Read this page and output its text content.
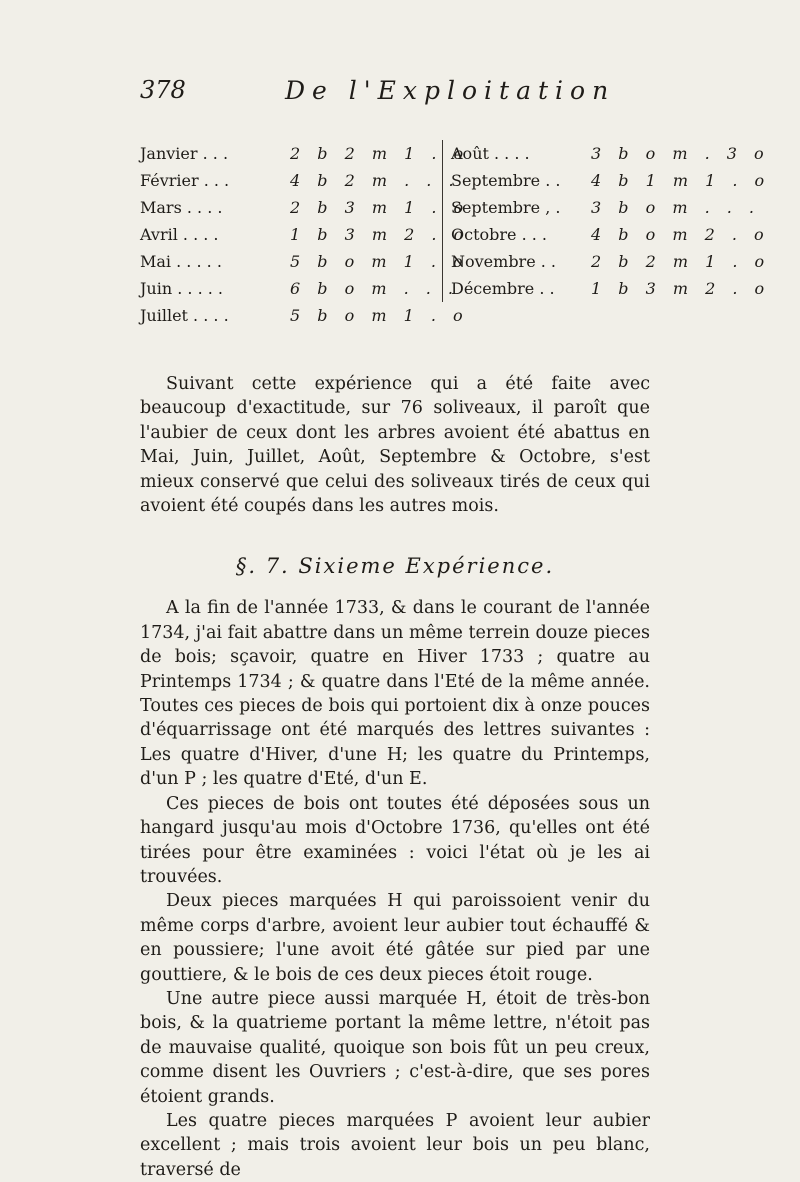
378	De l'Exploitation
Janvier . . .	2 b 2 m 1 . o
Février . . .	4 b 2 m . . .
Mars . . . .	2 b 3 m 1 . o
Avril . . . .	1 b 3 m 2 . o
Mai . . . . .	5 b o m 1 . o
Juin . . . . .	6 b o m . . .
Juillet . . . .	5 b o m 1 . o
Août . . . .	3 b o m . 3 o
Septembre . . 4 b 1 m 1 . o
Septembre , . 3 b o m . . .
Octobre . . .	4 b o m 2 . o
Novembre . . 2 b 2 m 1 . o
Décembre . . 1 b 3 m 2 . o

Suivant cette expérience qui a été faite avec beaucoup d'exactitude, sur 76 soliveaux, il paroît que l'aubier de ceux dont les arbres avoient été abattus en Mai, Juin, Juillet, Août, Septembre & Octobre, s'est mieux conservé que celui des soliveaux tirés de ceux qui avoient été coupés dans les autres mois.

§. 7. Sixieme Expérience.

A la fin de l'année 1733, & dans le courant de l'année 1734, j'ai fait abattre dans un même terrein douze pieces de bois; sçavoir, quatre en Hiver 1733 ; quatre au Printemps 1734 ; & quatre dans l'Eté de la même année. Toutes ces pieces de bois qui portoient dix à onze pouces d'équarrissage ont été marqués des lettres suivantes : Les quatre d'Hiver, d'une H; les quatre du Printemps, d'un P ; les quatre d'Eté, d'un E.

Ces pieces de bois ont toutes été déposées sous un hangard jusqu'au mois d'Octobre 1736, qu'elles ont été tirées pour être examinées : voici l'état où je les ai trouvées.

Deux pieces marquées H qui paroissoient venir du même corps d'arbre, avoient leur aubier tout échauffé & en poussiere; l'une avoit été gâtée sur pied par une gouttiere, & le bois de ces deux pieces étoit rouge.

Une autre piece aussi marquée H, étoit de très-bon bois, & la quatrieme portant la même lettre, n'étoit pas de mauvaise qualité, quoique son bois fût un peu creux, comme disent les Ouvriers ; c'est-à-dire, que ses pores étoient grands.

Les quatre pieces marquées P avoient leur aubier excellent ; mais trois avoient leur bois un peu blanc, traversé de
